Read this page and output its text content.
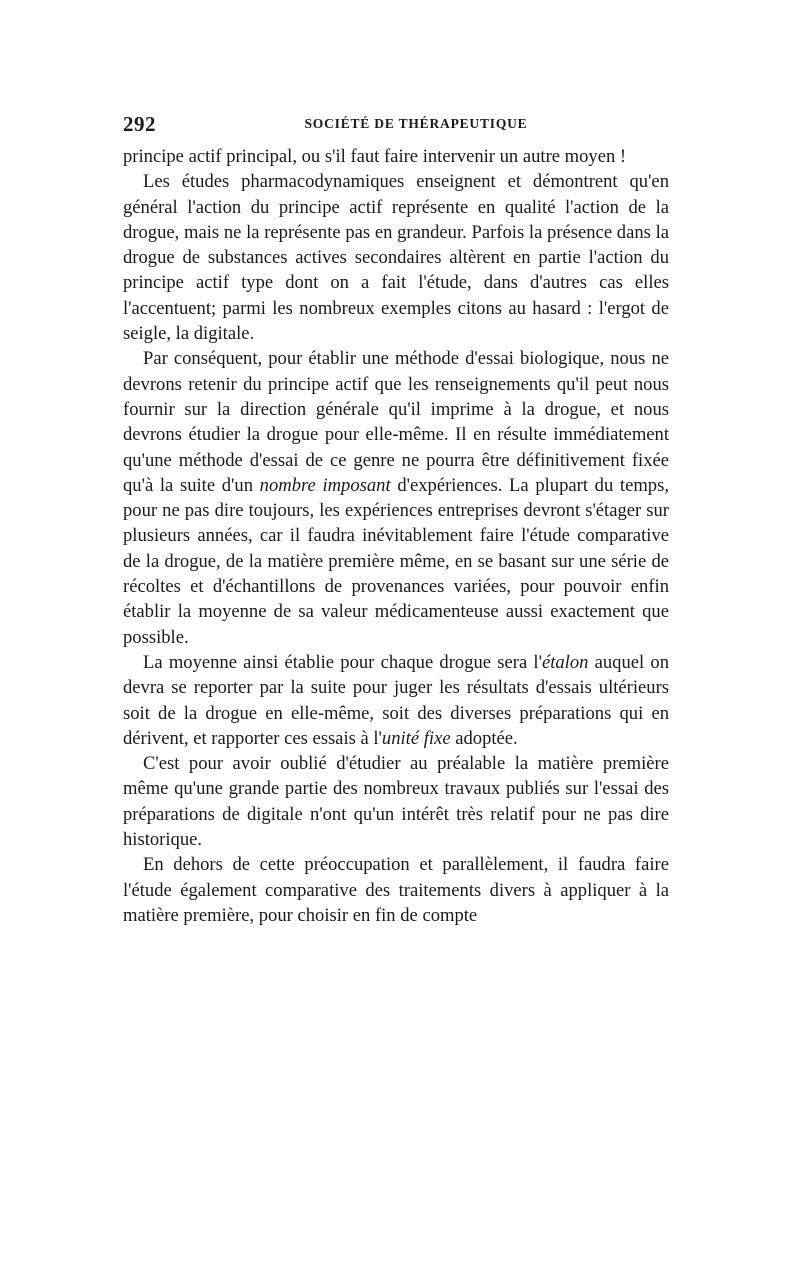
292	SOCIÉTÉ DE THÉRAPEUTIQUE

principe actif principal, ou s'il faut faire intervenir un autre moyen !

Les études pharmacodynamiques enseignent et démontrent qu'en général l'action du principe actif représente en qualité l'action de la drogue, mais ne la représente pas en grandeur. Parfois la présence dans la drogue de substances actives secondaires altèrent en partie l'action du principe actif type dont on a fait l'étude, dans d'autres cas elles l'accentuent; parmi les nombreux exemples citons au hasard : l'ergot de seigle, la digitale.

Par conséquent, pour établir une méthode d'essai biologique, nous ne devrons retenir du principe actif que les renseignements qu'il peut nous fournir sur la direction générale qu'il imprime à la drogue, et nous devrons étudier la drogue pour elle-même. Il en résulte immédiatement qu'une méthode d'essai de ce genre ne pourra être définitivement fixée qu'à la suite d'un nombre imposant d'expériences. La plupart du temps, pour ne pas dire toujours, les expériences entreprises devront s'étager sur plusieurs années, car il faudra inévitablement faire l'étude comparative de la drogue, de la matière première même, en se basant sur une série de récoltes et d'échantillons de provenances variées, pour pouvoir enfin établir la moyenne de sa valeur médicamenteuse aussi exactement que possible.

La moyenne ainsi établie pour chaque drogue sera l'étalon auquel on devra se reporter par la suite pour juger les résultats d'essais ultérieurs soit de la drogue en elle-même, soit des diverses préparations qui en dérivent, et rapporter ces essais à l'unité fixe adoptée.

C'est pour avoir oublié d'étudier au préalable la matière première même qu'une grande partie des nombreux travaux publiés sur l'essai des préparations de digitale n'ont qu'un intérêt très relatif pour ne pas dire historique.

En dehors de cette préoccupation et parallèlement, il faudra faire l'étude également comparative des traitements divers à appliquer à la matière première, pour choisir en fin de compte
